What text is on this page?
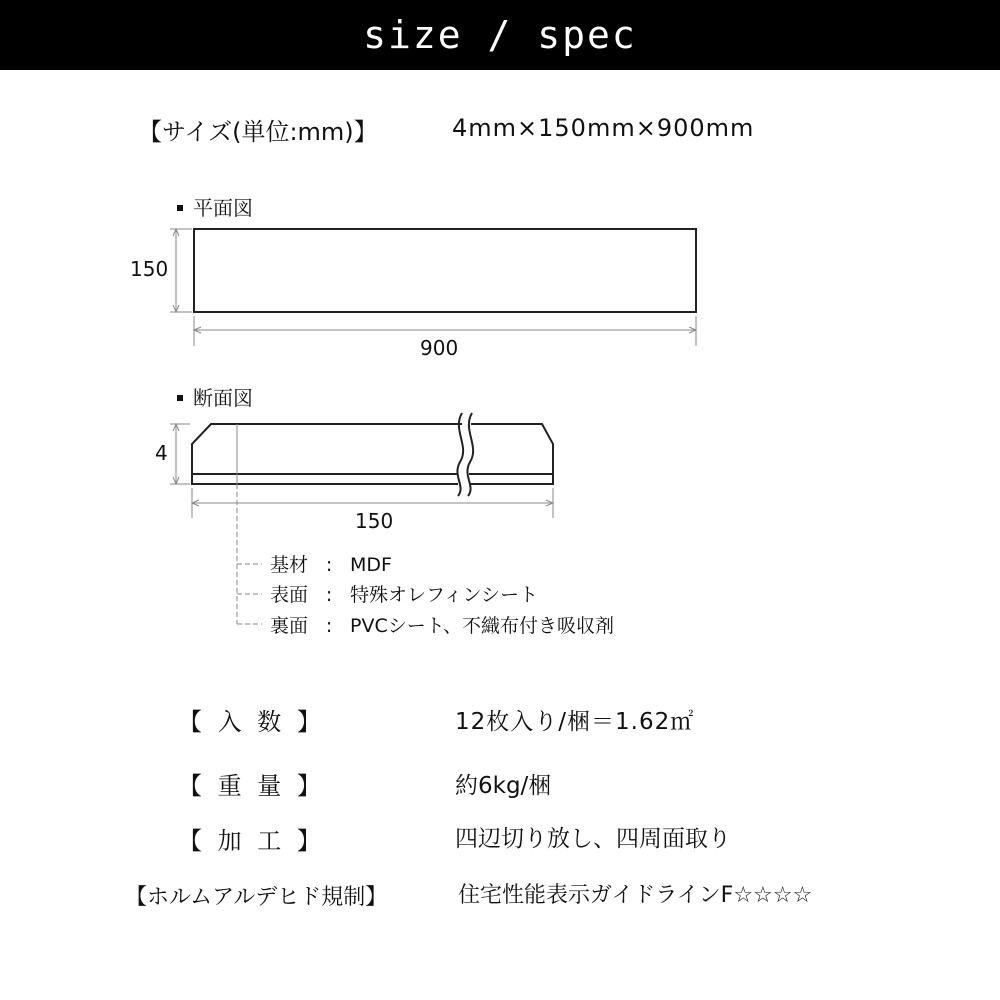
size / spec
【サイズ(単位:mm)】	4mm×150mm×900mm
平面図
断面図
150
900
4
150
基材 : MDF
表面 : 特殊オレフィンシート
裏面 : PVCシート、不織布付き吸収剤
【 入 数 】	12枚入り/梱＝1.62㎡
【 重 量 】	約6kg/梱
【 加 工 】	四辺切り放し、四周面取り
【ホルムアルデヒド規制】	住宅性能表示ガイドラインF☆☆☆☆
